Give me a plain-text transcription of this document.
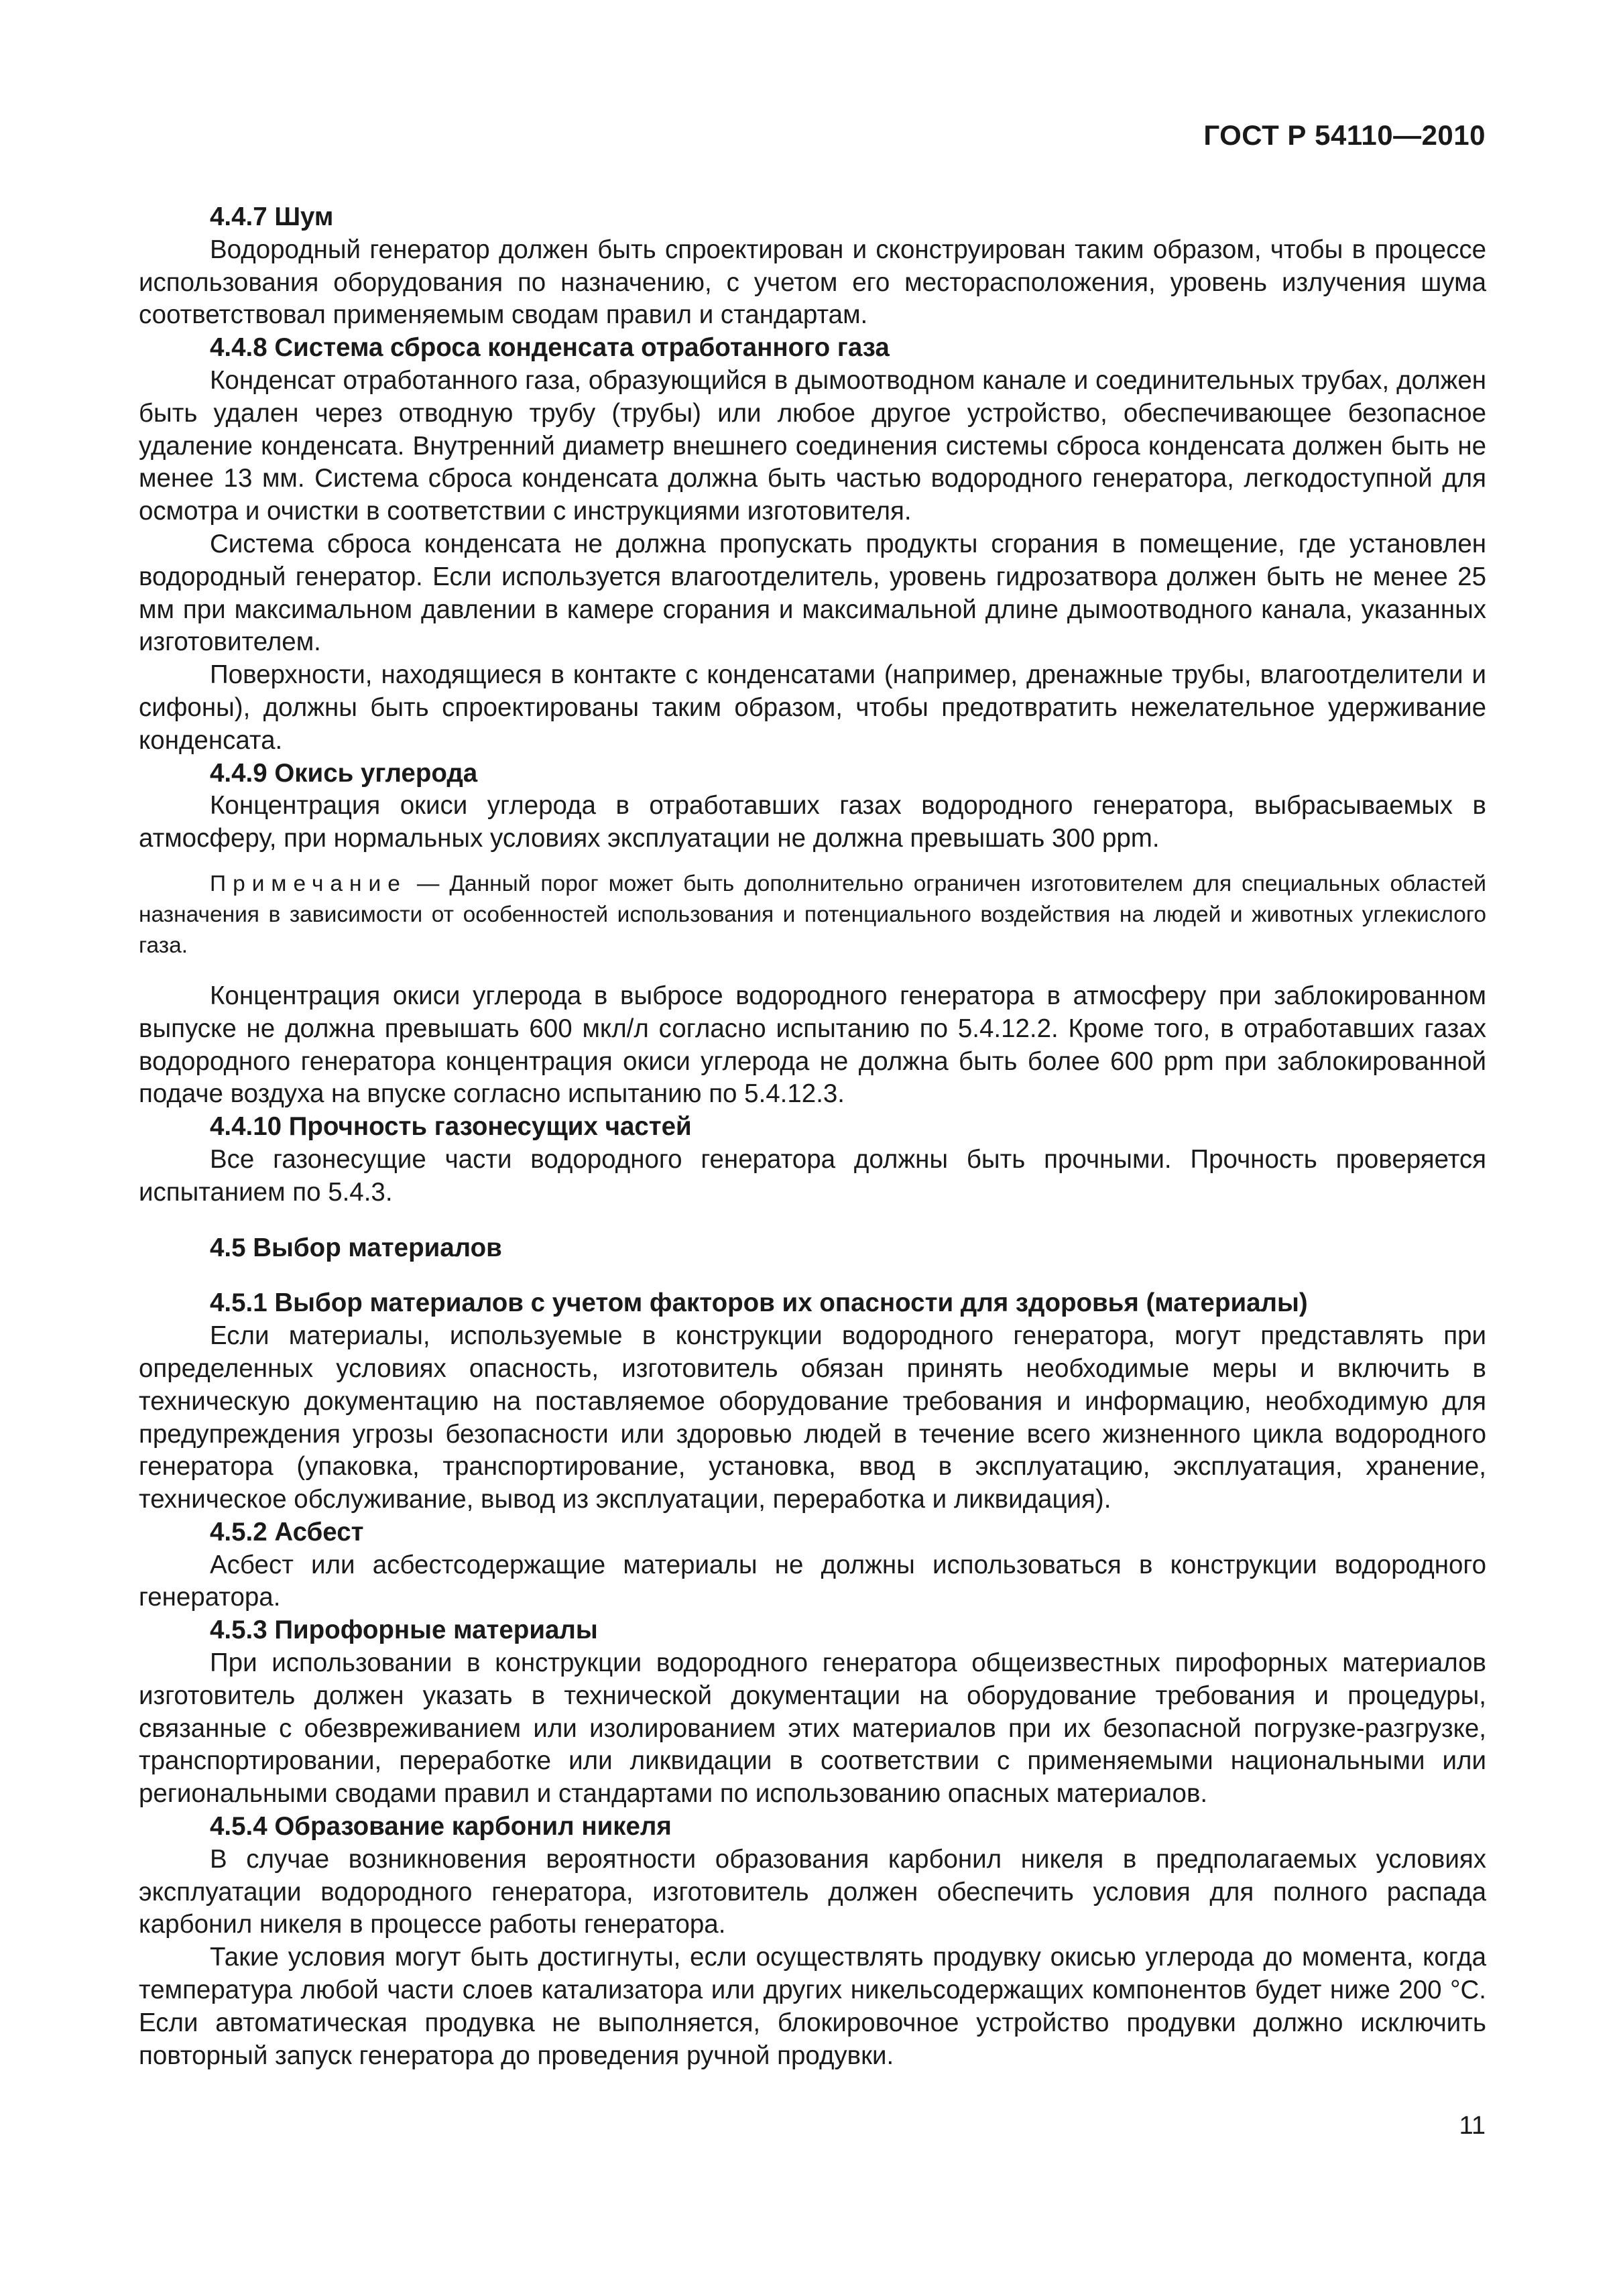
ГОСТ Р 54110—2010

4.4.7 Шум

Водородный генератор должен быть спроектирован и сконструирован таким образом, чтобы в процессе использования оборудования по назначению, с учетом его месторасположения, уровень излучения шума соответствовал применяемым сводам правил и стандартам.

4.4.8 Система сброса конденсата отработанного газа

Конденсат отработанного газа, образующийся в дымоотводном канале и соединительных трубах, должен быть удален через отводную трубу (трубы) или любое другое устройство, обеспечивающее безопасное удаление конденсата. Внутренний диаметр внешнего соединения системы сброса конденсата должен быть не менее 13 мм. Система сброса конденсата должна быть частью водородного генератора, легкодоступной для осмотра и очистки в соответствии с инструкциями изготовителя.

Система сброса конденсата не должна пропускать продукты сгорания в помещение, где установлен водородный генератор. Если используется влагоотделитель, уровень гидрозатвора должен быть не менее 25 мм при максимальном давлении в камере сгорания и максимальной длине дымоотводного канала, указанных изготовителем.

Поверхности, находящиеся в контакте с конденсатами (например, дренажные трубы, влагоотделители и сифоны), должны быть спроектированы таким образом, чтобы предотвратить нежелательное удерживание конденсата.

4.4.9 Окись углерода

Концентрация окиси углерода в отработавших газах водородного генератора, выбрасываемых в атмосферу, при нормальных условиях эксплуатации не должна превышать 300 ppm.

Примечание — Данный порог может быть дополнительно ограничен изготовителем для специальных областей назначения в зависимости от особенностей использования и потенциального воздействия на людей и животных углекислого газа.

Концентрация окиси углерода в выбросе водородного генератора в атмосферу при заблокированном выпуске не должна превышать 600 мкл/л согласно испытанию по 5.4.12.2. Кроме того, в отработавших газах водородного генератора концентрация окиси углерода не должна быть более 600 ppm при заблокированной подаче воздуха на впуске согласно испытанию по 5.4.12.3.

4.4.10 Прочность газонесущих частей

Все газонесущие части водородного генератора должны быть прочными. Прочность проверяется испытанием по 5.4.3.

4.5 Выбор материалов
4.5.1 Выбор материалов с учетом факторов их опасности для здоровья (материалы)

Если материалы, используемые в конструкции водородного генератора, могут представлять при определенных условиях опасность, изготовитель обязан принять необходимые меры и включить в техническую документацию на поставляемое оборудование требования и информацию, необходимую для предупреждения угрозы безопасности или здоровью людей в течение всего жизненного цикла водородного генератора (упаковка, транспортирование, установка, ввод в эксплуатацию, эксплуатация, хранение, техническое обслуживание, вывод из эксплуатации, переработка и ликвидация).

4.5.2 Асбест

Асбест или асбестсодержащие материалы не должны использоваться в конструкции водородного генератора.

4.5.3 Пирофорные материалы

При использовании в конструкции водородного генератора общеизвестных пирофорных материалов изготовитель должен указать в технической документации на оборудование требования и процедуры, связанные с обезвреживанием или изолированием этих материалов при их безопасной погрузке-разгрузке, транспортировании, переработке или ликвидации в соответствии с применяемыми национальными или региональными сводами правил и стандартами по использованию опасных материалов.

4.5.4 Образование карбонил никеля

В случае возникновения вероятности образования карбонил никеля в предполагаемых условиях эксплуатации водородного генератора, изготовитель должен обеспечить условия для полного распада карбонил никеля в процессе работы генератора.

Такие условия могут быть достигнуты, если осуществлять продувку окисью углерода до момента, когда температура любой части слоев катализатора или других никельсодержащих компонентов будет ниже 200 °С. Если автоматическая продувка не выполняется, блокировочное устройство продувки должно исключить повторный запуск генератора до проведения ручной продувки.

11
